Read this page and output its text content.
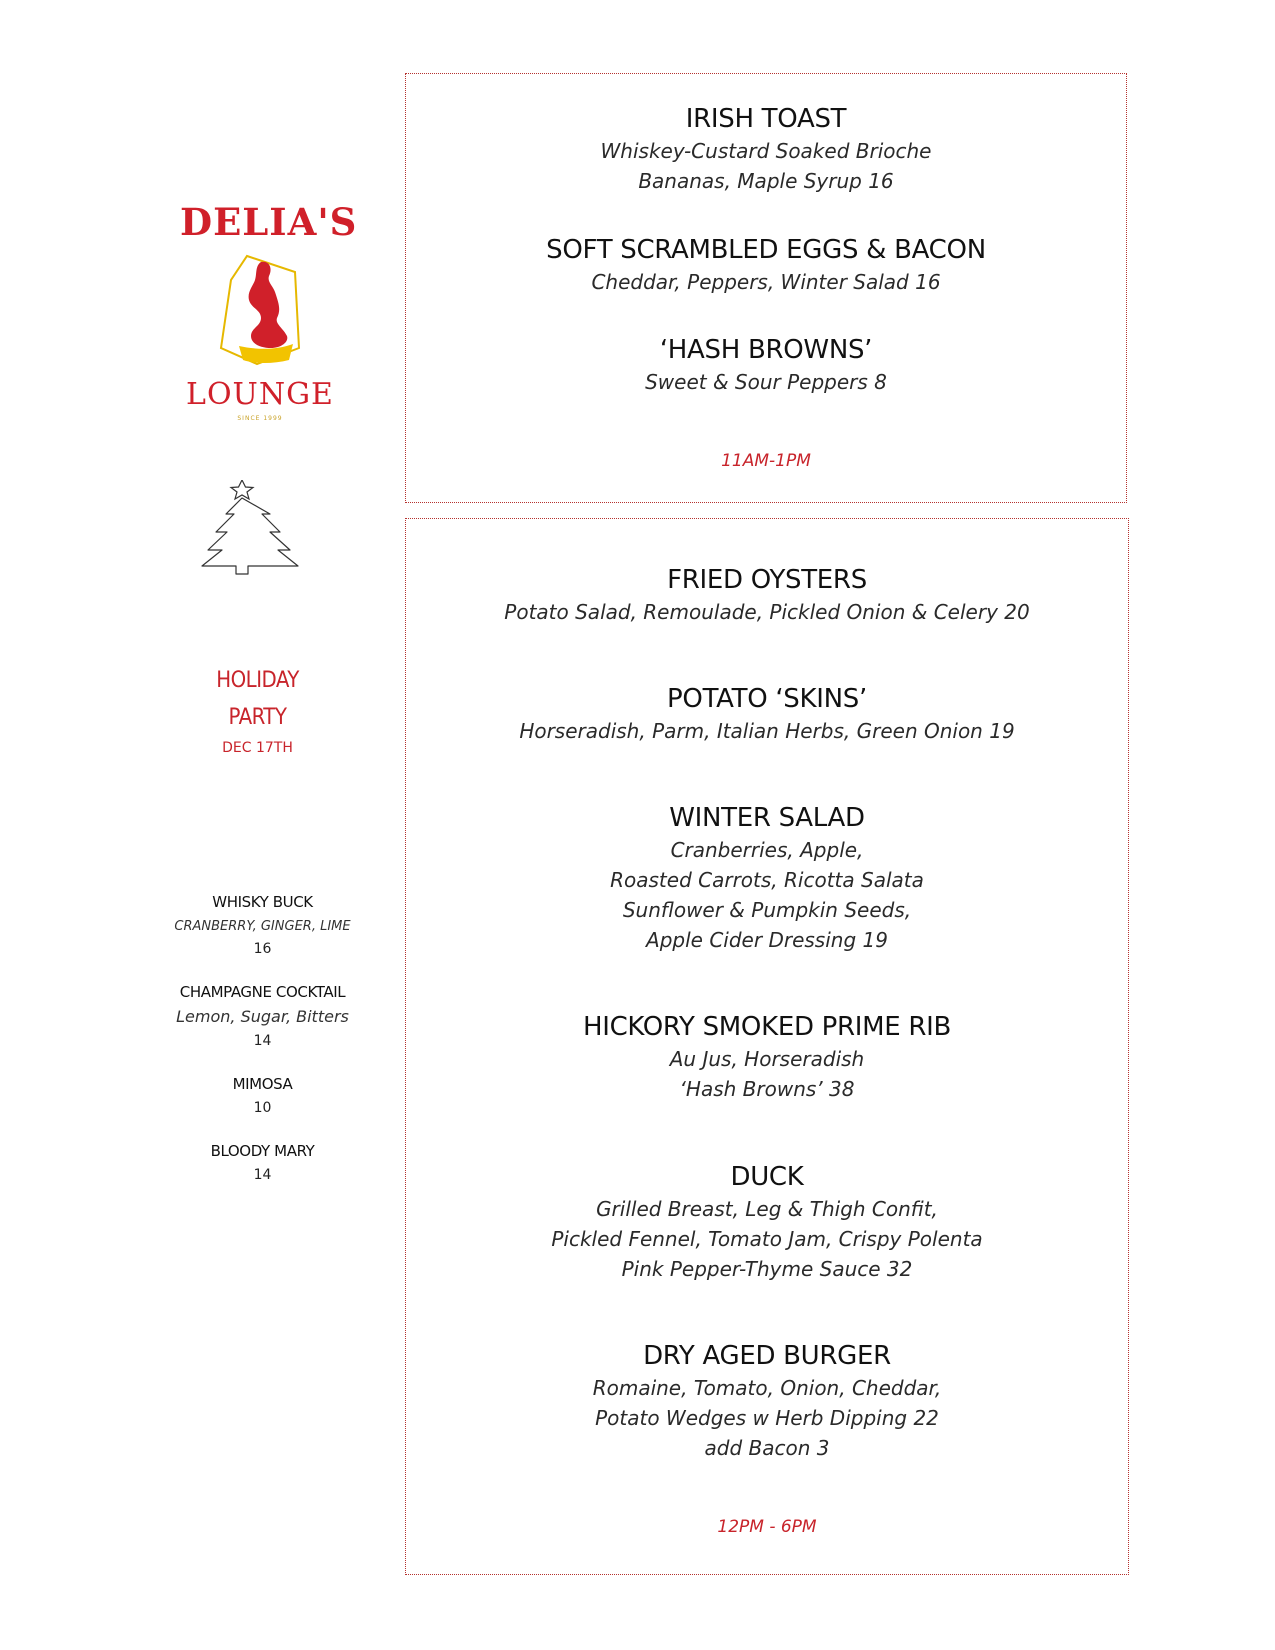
DELIA'S
LOUNGE
SINCE 1999
HOLIDAY
PARTY
DEC 17TH
WHISKY BUCK
CRANBERRY, GINGER, LIME
16
CHAMPAGNE COCKTAIL
Lemon, Sugar, Bitters
14
MIMOSA
10
BLOODY MARY
14
IRISH TOAST
Whiskey-Custard Soaked Brioche
Bananas, Maple Syrup 16
SOFT SCRAMBLED EGGS & BACON
Cheddar, Peppers, Winter Salad 16
‘HASH BROWNS’
Sweet & Sour Peppers 8
11AM-1PM
FRIED OYSTERS
Potato Salad, Remoulade, Pickled Onion & Celery 20
POTATO ‘SKINS’
Horseradish, Parm, Italian Herbs, Green Onion 19
WINTER SALAD
Cranberries, Apple,
Roasted Carrots, Ricotta Salata
Sunflower & Pumpkin Seeds,
Apple Cider Dressing 19
HICKORY SMOKED PRIME RIB
Au Jus, Horseradish
‘Hash Browns’ 38
DUCK
Grilled Breast, Leg & Thigh Confit,
Pickled Fennel, Tomato Jam, Crispy Polenta
Pink Pepper-Thyme Sauce 32
DRY AGED BURGER
Romaine, Tomato, Onion, Cheddar,
Potato Wedges w Herb Dipping 22
add Bacon 3
12PM - 6PM
